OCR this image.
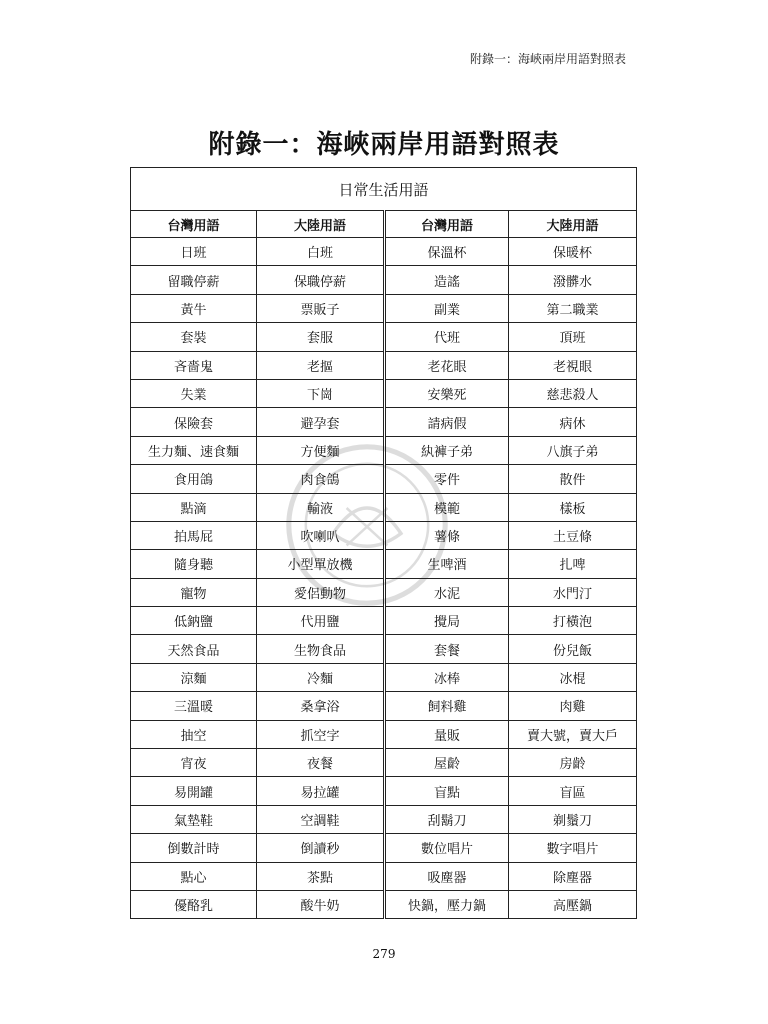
附錄一：海峽兩岸用語對照表
附錄一：海峽兩岸用語對照表
日常生活用語			
台灣用語	大陸用語	台灣用語	大陸用語
日班	白班	保溫杯	保暖杯
留職停薪	保職停薪	造謠	潑髒水
黃牛	票販子	副業	第二職業
套裝	套服	代班	頂班
吝嗇鬼	老摳	老花眼	老視眼
失業	下崗	安樂死	慈悲殺人
保險套	避孕套	請病假	病休
生力麵、速食麵	方便麵	紈褲子弟	八旗子弟
食用鴿	肉食鴿	零件	散件
點滴	輸液	模範	樣板
拍馬屁	吹喇叭	薯條	土豆條
隨身聽	小型單放機	生啤酒	扎啤
寵物	愛侶動物	水泥	水門汀
低鈉鹽	代用鹽	攪局	打橫泡
天然食品	生物食品	套餐	份兒飯
涼麵	冷麵	冰棒	冰棍
三溫暖	桑拿浴	飼料雞	肉雞
抽空	抓空字	量販	賣大號，賣大戶
宵夜	夜餐	屋齡	房齡
易開罐	易拉罐	盲點	盲區
氣墊鞋	空調鞋	刮鬍刀	剃鬚刀
倒數計時	倒讀秒	數位唱片	數字唱片
點心	茶點	吸塵器	除塵器
優酪乳	酸牛奶	快鍋，壓力鍋	高壓鍋
279
